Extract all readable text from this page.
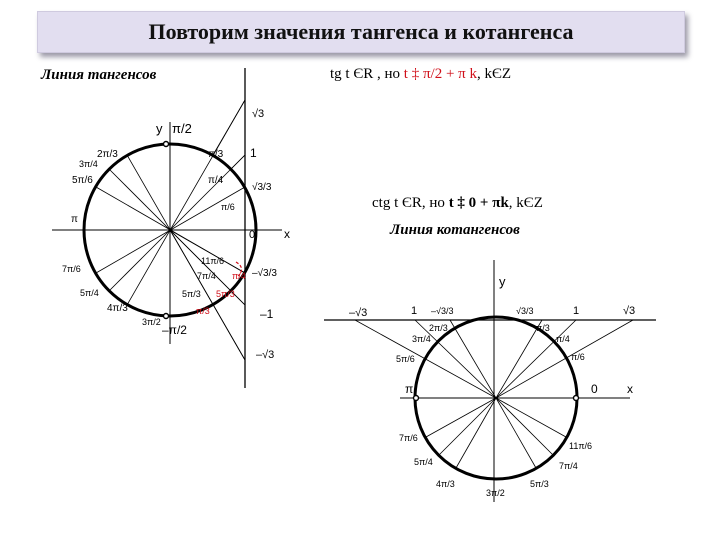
Повторим значения тангенса и котангенса
Линия тангенсов	tg t ЄR , но t ‡ π/2 + π k, kЄZ
ctg t ЄR, но t ‡ 0 + πk, kЄZ
Линия котангенсов
y π/2
x
0
π
–π/2
2π/3
3π/4
5π/6
π/3
π/4
π/6
7π/6
5π/4
4π/3
3π/2
11π/6
7π/4
5π/3 5π/3
π/3
π/4
√3
1
√3/3
–√3/3
–1
–√3
y
x
π	0
–√3	1 –√3/3	√3/3	1	√3
2π/3
3π/4
5π/6
π/3
π/4
π/6
7π/6
5π/4
4π/3
3π/2
5π/3
7π/4
11π/6
